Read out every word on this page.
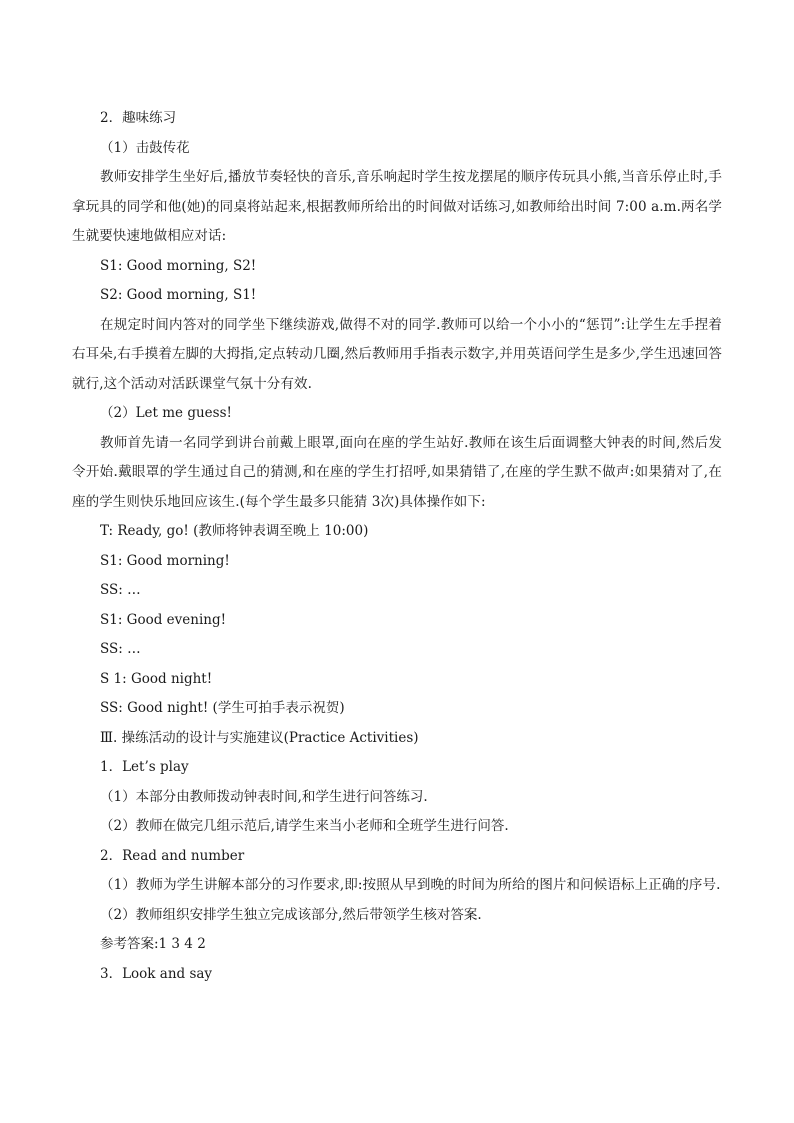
2．趣味练习
（1）击鼓传花
教师安排学生坐好后,播放节奏轻快的音乐,音乐响起时学生按龙摆尾的顺序传玩具小熊,当音乐停止时,手拿玩具的同学和他(她)的同桌将站起来,根据教师所给出的时间做对话练习,如教师给出时间 7:00 a.m.两名学生就要快速地做相应对话:
S1: Good morning, S2!
S2: Good morning, S1!
在规定时间内答对的同学坐下继续游戏,做得不对的同学.教师可以给一个小小的“惩罚”:让学生左手捏着右耳朵,右手摸着左脚的大拇指,定点转动几圈,然后教师用手指表示数字,并用英语问学生是多少,学生迅速回答就行,这个活动对活跃课堂气氛十分有效.
（2）Let me guess!
教师首先请一名同学到讲台前戴上眼罩,面向在座的学生站好.教师在该生后面调整大钟表的时间,然后发令开始.戴眼罩的学生通过自己的猜测,和在座的学生打招呼,如果猜错了,在座的学生默不做声:如果猜对了,在座的学生则快乐地回应该生.(每个学生最多只能猜 3次)具体操作如下:
T: Ready, go! (教师将钟表调至晚上 10:00)
S1: Good morning!
SS: …
S1: Good evening!
SS: …
S 1: Good night!
SS: Good night! (学生可拍手表示祝贺)
Ⅲ. 操练活动的设计与实施建议(Practice Activities)
1．Let’s play
（1）本部分由教师拨动钟表时间,和学生进行问答练习.
（2）教师在做完几组示范后,请学生来当小老师和全班学生进行问答.
2．Read and number
（1）教师为学生讲解本部分的习作要求,即:按照从早到晚的时间为所给的图片和问候语标上正确的序号.
（2）教师组织安排学生独立完成该部分,然后带领学生核对答案.
参考答案:1 3 4 2
3．Look and say
